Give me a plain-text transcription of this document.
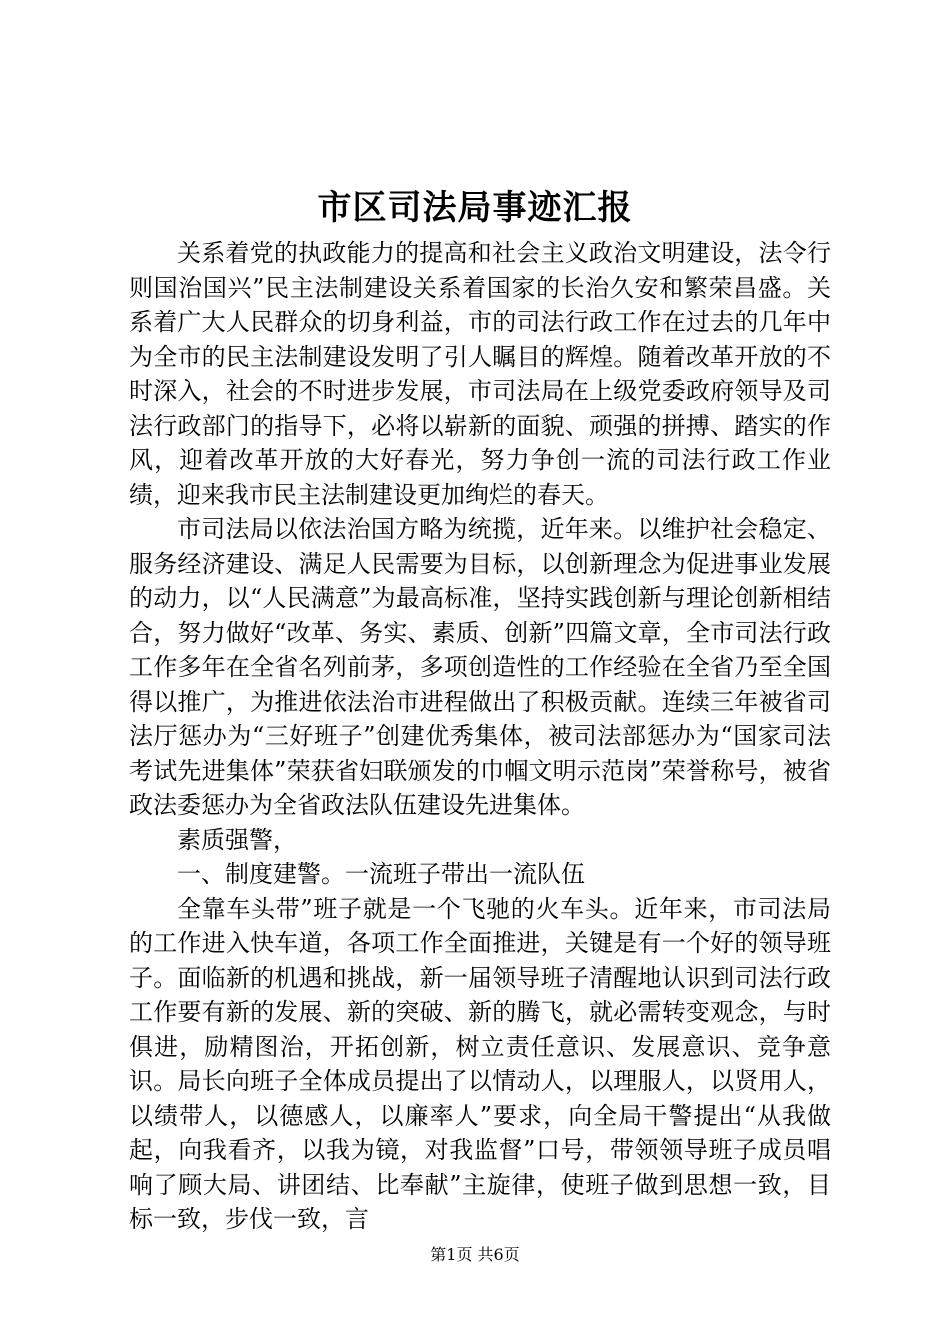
市区司法局事迹汇报

关系着党的执政能力的提高和社会主义政治文明建设，法令行则国治国兴”民主法制建设关系着国家的长治久安和繁荣昌盛。关系着广大人民群众的切身利益，市的司法行政工作在过去的几年中为全市的民主法制建设发明了引人瞩目的辉煌。随着改革开放的不时深入，社会的不时进步发展，市司法局在上级党委政府领导及司法行政部门的指导下，必将以崭新的面貌、顽强的拼搏、踏实的作风，迎着改革开放的大好春光，努力争创一流的司法行政工作业绩，迎来我市民主法制建设更加绚烂的春天。

市司法局以依法治国方略为统揽，近年来。以维护社会稳定、服务经济建设、满足人民需要为目标，以创新理念为促进事业发展的动力，以“人民满意”为最高标准，坚持实践创新与理论创新相结合，努力做好“改革、务实、素质、创新”四篇文章，全市司法行政工作多年在全省名列前茅，多项创造性的工作经验在全省乃至全国得以推广，为推进依法治市进程做出了积极贡献。连续三年被省司法厅惩办为“三好班子”创建优秀集体，被司法部惩办为“国家司法考试先进集体”荣获省妇联颁发的巾帼文明示范岗”荣誉称号，被省政法委惩办为全省政法队伍建设先进集体。

素质强警，

一、制度建警。一流班子带出一流队伍

全靠车头带”班子就是一个飞驰的火车头。近年来，市司法局的工作进入快车道，各项工作全面推进，关键是有一个好的领导班子。面临新的机遇和挑战，新一届领导班子清醒地认识到司法行政工作要有新的发展、新的突破、新的腾飞，就必需转变观念，与时俱进，励精图治，开拓创新，树立责任意识、发展意识、竞争意识。局长向班子全体成员提出了以情动人，以理服人，以贤用人，以绩带人，以德感人，以廉率人”要求，向全局干警提出“从我做起，向我看齐，以我为镜，对我监督”口号，带领领导班子成员唱响了顾大局、讲团结、比奉献”主旋律，使班子做到思想一致，目标一致，步伐一致，言

第1页 共6页
